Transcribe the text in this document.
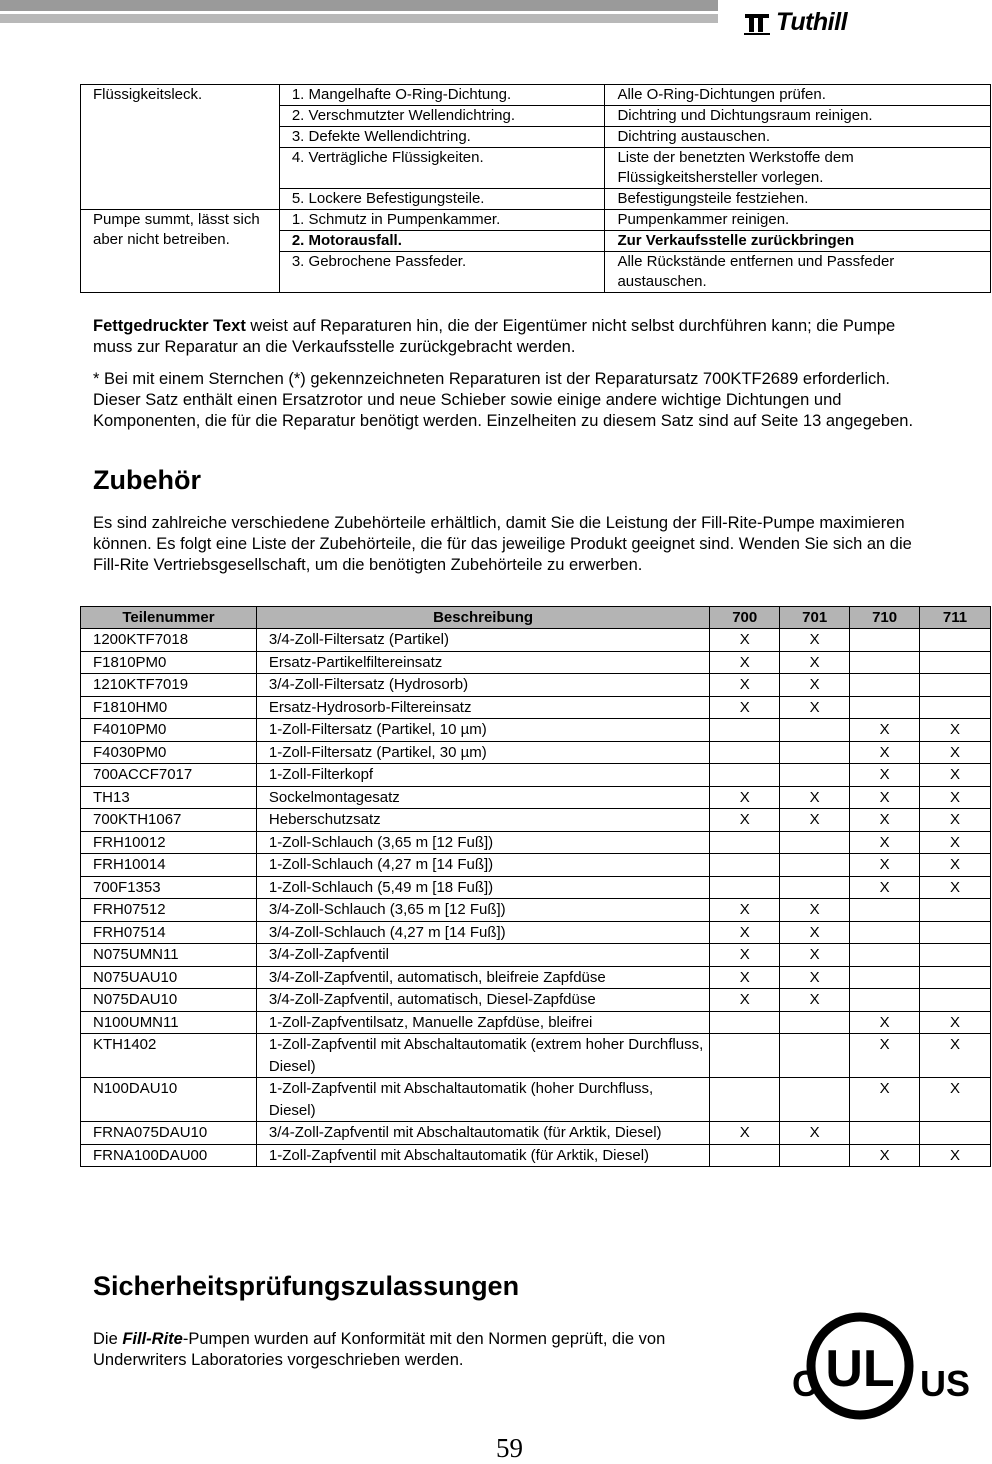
Tuthill
Flüssigkeitsleck.	1. Mangelhafte O-Ring-Dichtung.	Alle O-Ring-Dichtungen prüfen.
	2. Verschmutzter Wellendichtring.	Dichtring und Dichtungsraum reinigen.
	3. Defekte Wellendichtring.	Dichtring austauschen.
	4. Verträgliche Flüssigkeiten.	Liste der benetzten Werkstoffe dem Flüssigkeitshersteller vorlegen.
	5. Lockere Befestigungsteile.	Befestigungsteile festziehen.
Pumpe summt, lässt sich aber nicht betreiben.	1. Schmutz in Pumpenkammer.	Pumpenkammer reinigen.
	2. Motorausfall.	Zur Verkaufsstelle zurückbringen
	3. Gebrochene Passfeder.	Alle Rückstände entfernen und Passfeder austauschen.
Fettgedruckter Text weist auf Reparaturen hin, die der Eigentümer nicht selbst durchführen kann; die Pumpe muss zur Reparatur an die Verkaufsstelle zurückgebracht werden.
* Bei mit einem Sternchen (*) gekennzeichneten Reparaturen ist der Reparatursatz 700KTF2689 erforderlich. Dieser Satz enthält einen Ersatzrotor und neue Schieber sowie einige andere wichtige Dichtungen und Komponenten, die für die Reparatur benötigt werden. Einzelheiten zu diesem Satz sind auf Seite 13 angegeben.
Zubehör
Es sind zahlreiche verschiedene Zubehörteile erhältlich, damit Sie die Leistung der Fill-Rite-Pumpe maximieren können. Es folgt eine Liste der Zubehörteile, die für das jeweilige Produkt geeignet sind. Wenden Sie sich an die Fill-Rite Vertriebsgesellschaft, um die benötigten Zubehörteile zu erwerben.
Teilenummer	Beschreibung	700	701	710	711
1200KTF7018	3/4-Zoll-Filtersatz (Partikel)	X	X		
F1810PM0	Ersatz-Partikelfiltereinsatz	X	X		
1210KTF7019	3/4-Zoll-Filtersatz (Hydrosorb)	X	X		
F1810HM0	Ersatz-Hydrosorb-Filtereinsatz	X	X		
F4010PM0	1-Zoll-Filtersatz (Partikel, 10 µm)			X	X
F4030PM0	1-Zoll-Filtersatz (Partikel, 30 µm)			X	X
700ACCF7017	1-Zoll-Filterkopf			X	X
TH13	Sockelmontagesatz	X	X	X	X
700KTH1067	Heberschutzsatz	X	X	X	X
FRH10012	1-Zoll-Schlauch (3,65 m [12 Fuß])			X	X
FRH10014	1-Zoll-Schlauch (4,27 m [14 Fuß])			X	X
700F1353	1-Zoll-Schlauch (5,49 m [18 Fuß])			X	X
FRH07512	3/4-Zoll-Schlauch (3,65 m [12 Fuß])	X	X		
FRH07514	3/4-Zoll-Schlauch (4,27 m [14 Fuß])	X	X		
N075UMN11	3/4-Zoll-Zapfventil	X	X		
N075UAU10	3/4-Zoll-Zapfventil, automatisch, bleifreie Zapfdüse	X	X		
N075DAU10	3/4-Zoll-Zapfventil, automatisch, Diesel-Zapfdüse	X	X		
N100UMN11	1-Zoll-Zapfventilsatz, Manuelle Zapfdüse, bleifrei			X	X
KTH1402	1-Zoll-Zapfventil mit Abschaltautomatik (extrem hoher Durchfluss, Diesel)			X	X
N100DAU10	1-Zoll-Zapfventil mit Abschaltautomatik (hoher Durchfluss, Diesel)			X	X
FRNA075DAU10	3/4-Zoll-Zapfventil mit Abschaltautomatik (für Arktik, Diesel)	X	X		
FRNA100DAU00	1-Zoll-Zapfventil mit Abschaltautomatik (für Arktik, Diesel)			X	X
Sicherheitsprüfungszulassungen
Die Fill-Rite-Pumpen wurden auf Konformität mit den Normen geprüft, die von Underwriters Laboratories vorgeschrieben werden.
C UL US
59
